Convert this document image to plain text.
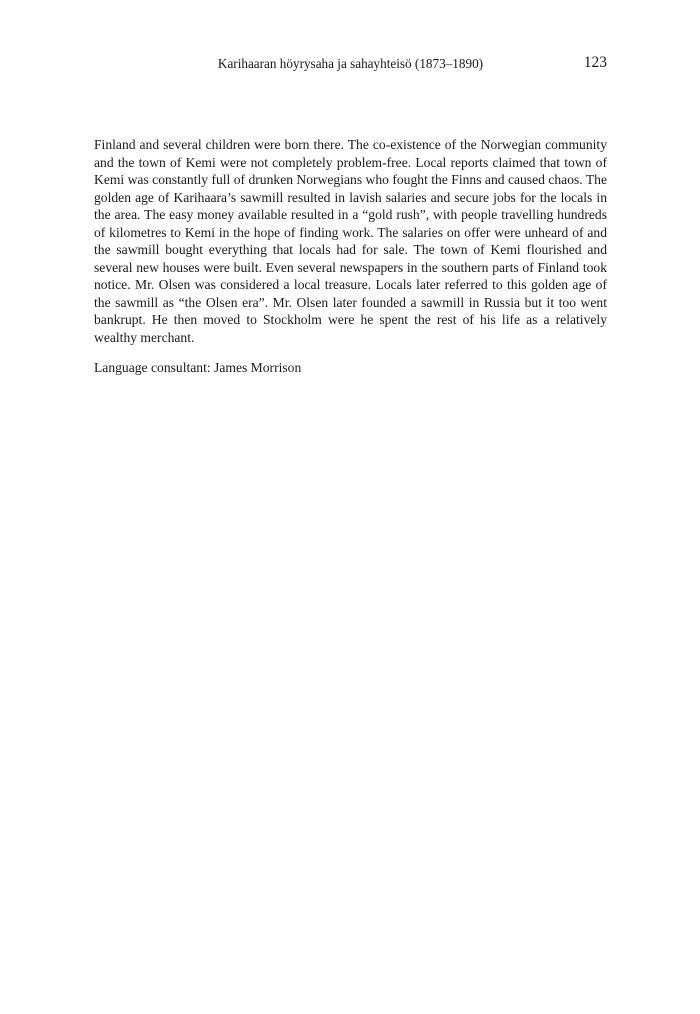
Karihaaran höyrysaha ja sahayhteisö (1873–1890)	123

Finland and several children were born there. The co-existence of the Norwegian community and the town of Kemi were not completely problem-free. Local reports claimed that town of Kemi was constantly full of drunken Norwegians who fought the Finns and caused chaos. The golden age of Karihaara’s sawmill resulted in lavish salaries and secure jobs for the locals in the area. The easy money available resulted in a “gold rush”, with people travelling hundreds of kilometres to Kemi in the hope of finding work. The salaries on offer were unheard of and the sawmill bought everything that locals had for sale. The town of Kemi flourished and several new houses were built. Even several newspapers in the southern parts of Finland took notice. Mr. Olsen was considered a local treasure. Locals later referred to this golden age of the sawmill as “the Olsen era”. Mr. Olsen later founded a sawmill in Russia but it too went bankrupt. He then moved to Stockholm were he spent the rest of his life as a relatively wealthy merchant.

Language consultant: James Morrison
